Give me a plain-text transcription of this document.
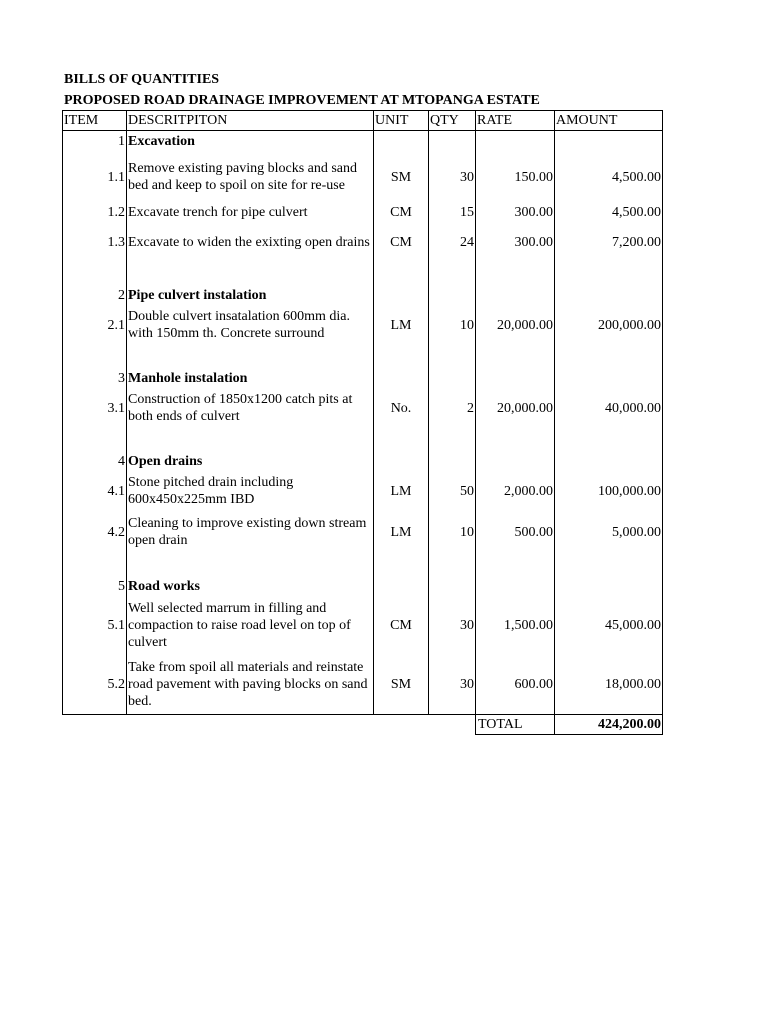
BILLS OF QUANTITIES
PROPOSED ROAD DRAINAGE IMPROVEMENT AT MTOPANGA ESTATE
ITEM	DESCRITPITON	UNIT	QTY	RATE	AMOUNT
1	Excavation				
1.1	Remove existing paving blocks and sand bed and keep to spoil on site for re-use	SM	30	150.00	4,500.00
1.2	Excavate trench for pipe culvert	CM	15	300.00	4,500.00
1.3	Excavate to widen the exixting open drains	CM	24	300.00	7,200.00

2	Pipe culvert instalation				
2.1	Double culvert insatalation 600mm dia. with 150mm th. Concrete surround	LM	10	20,000.00	200,000.00

3	Manhole instalation				
3.1	Construction of 1850x1200 catch pits at both ends of culvert	No.	2	20,000.00	40,000.00

4	Open drains				
4.1	Stone pitched drain including 600x450x225mm IBD	LM	50	2,000.00	100,000.00
4.2	Cleaning to improve existing down stream open drain	LM	10	500.00	5,000.00

5	Road works				
5.1	Well selected marrum in filling and compaction to raise road level on top of culvert	CM	30	1,500.00	45,000.00
5.2	Take from spoil all materials and reinstate road pavement with paving blocks on sand bed.	SM	30	600.00	18,000.00
				TOTAL	424,200.00
